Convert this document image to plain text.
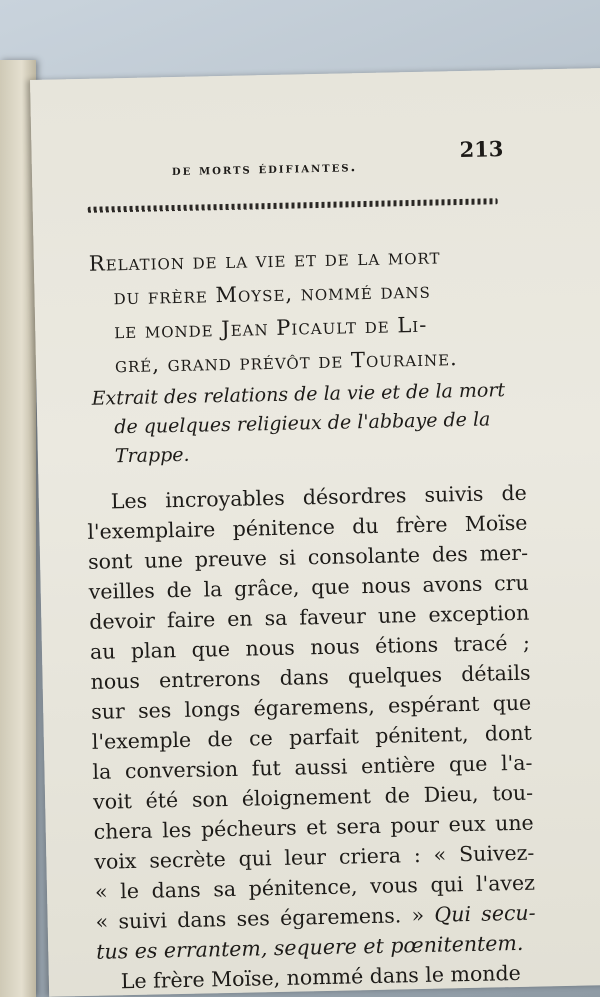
de morts édifiantes.
213
Relation de la vie et de la mort
du frère Moyse, nommé dans
le monde Jean Picault de Li-
gré, grand prévôt de Touraine.

Extrait des relations de la vie et de la mort
de quelques religieux de l'abbaye de la
Trappe.

Les incroyables désordres suivis de
l'exemplaire pénitence du frère Moïse
sont une preuve si consolante des mer-
veilles de la grâce, que nous avons cru
devoir faire en sa faveur une exception
au plan que nous nous étions tracé ;
nous entrerons dans quelques détails
sur ses longs égaremens, espérant que
l'exemple de ce parfait pénitent, dont
la conversion fut aussi entière que l'a-
voit été son éloignement de Dieu, tou-
chera les pécheurs et sera pour eux une
voix secrète qui leur criera : « Suivez-
« le dans sa pénitence, vous qui l'avez
« suivi dans ses égaremens. » Qui secu-
tus es errantem, sequere et pœnitentem.
Le frère Moïse, nommé dans le monde
